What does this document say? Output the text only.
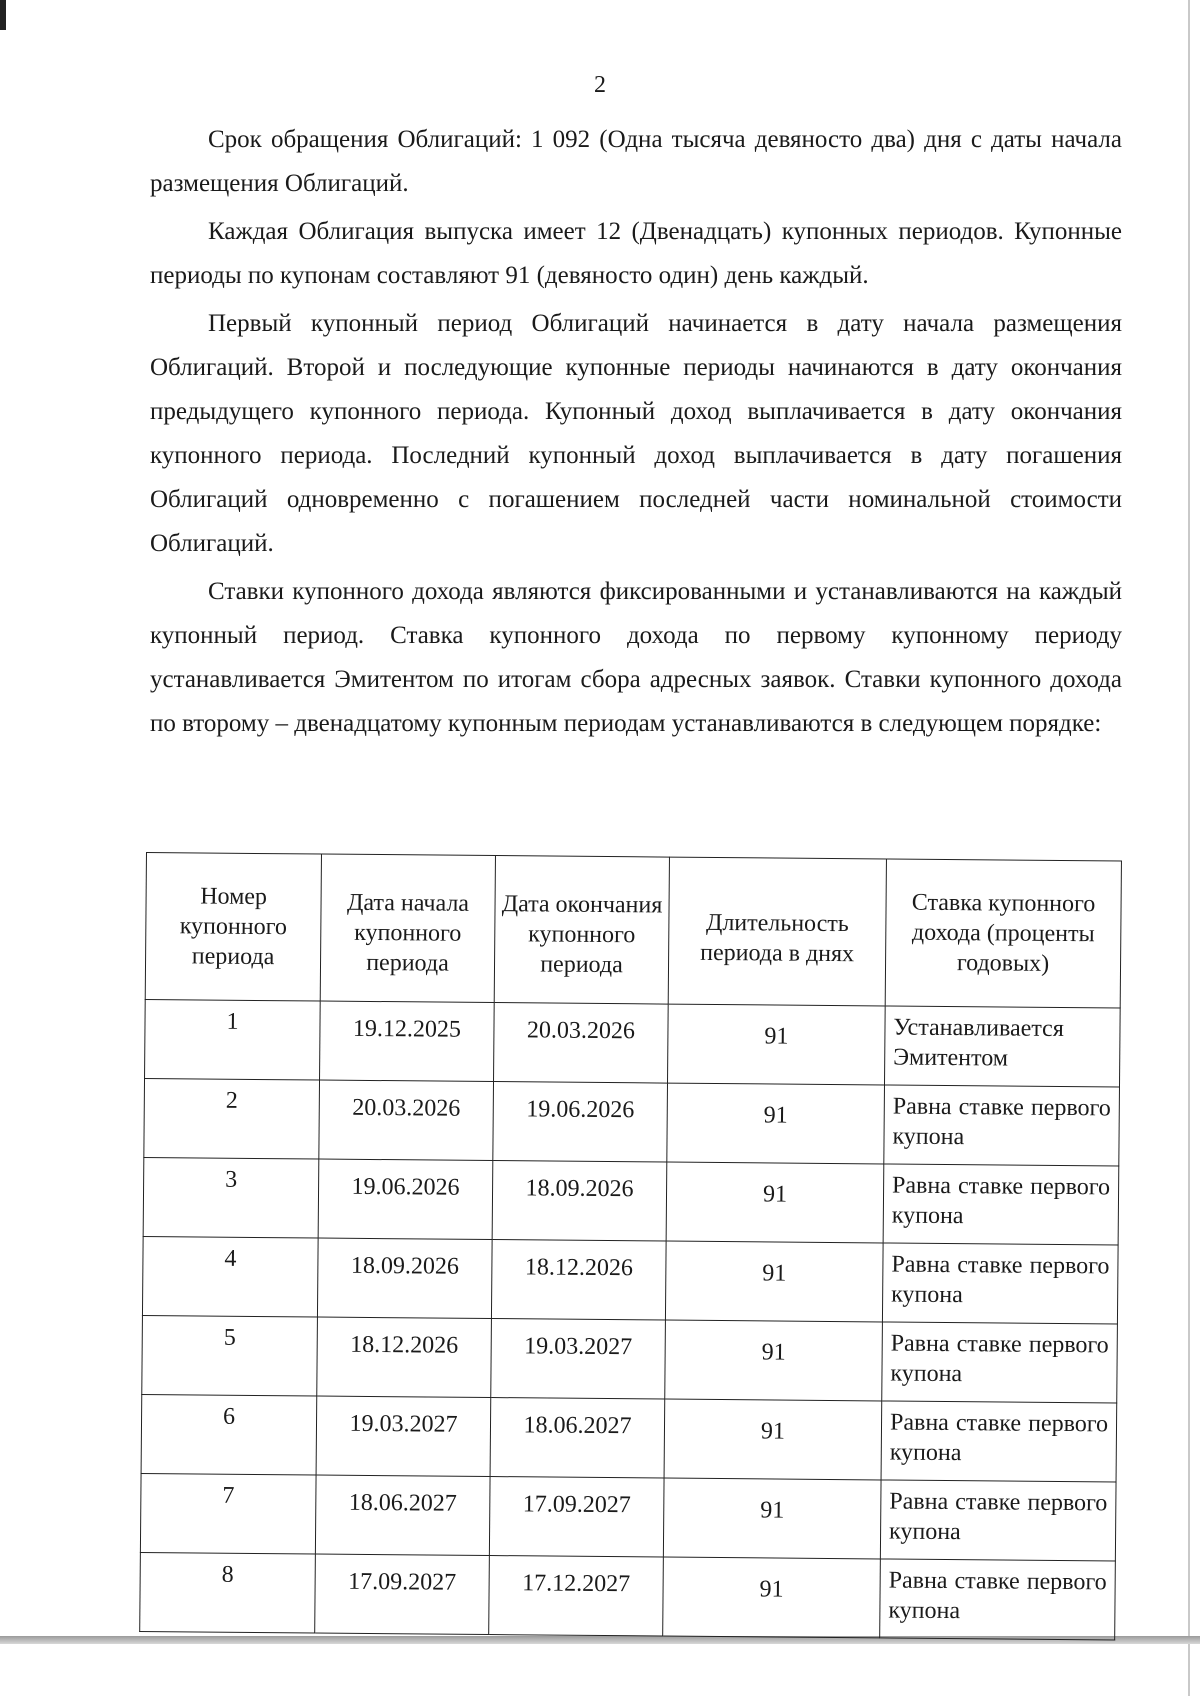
2

Срок обращения Облигаций: 1 092 (Одна тысяча девяносто два) дня с даты начала размещения Облигаций.

Каждая Облигация выпуска имеет 12 (Двенадцать) купонных периодов. Купонные периоды по купонам составляют 91 (девяносто один) день каждый.

Первый купонный период Облигаций начинается в дату начала размещения Облигаций. Второй и последующие купонные периоды начинаются в дату окончания предыдущего купонного периода. Купонный доход выплачивается в дату окончания купонного периода. Последний купонный доход выплачивается в дату погашения Облигаций одновременно с погашением последней части номинальной стоимости Облигаций.

Ставки купонного дохода являются фиксированными и устанавливаются на каждый купонный период. Ставка купонного дохода по первому купонному периоду устанавливается Эмитентом по итогам сбора адресных заявок. Ставки купонного дохода по второму – двенадцатому купонным периодам устанавливаются в следующем порядке:

Номер купонного периода	Дата начала купонного периода	Дата окончания купонного периода	Длительность периода в днях	Ставка купонного дохода (проценты годовых)
1	19.12.2025	20.03.2026	91	Устанавливается Эмитентом
2	20.03.2026	19.06.2026	91	Равна ставке первого купона
3	19.06.2026	18.09.2026	91	Равна ставке первого купона
4	18.09.2026	18.12.2026	91	Равна ставке первого купона
5	18.12.2026	19.03.2027	91	Равна ставке первого купона
6	19.03.2027	18.06.2027	91	Равна ставке первого купона
7	18.06.2027	17.09.2027	91	Равна ставке первого купона
8	17.09.2027	17.12.2027	91	Равна ставке первого купона
